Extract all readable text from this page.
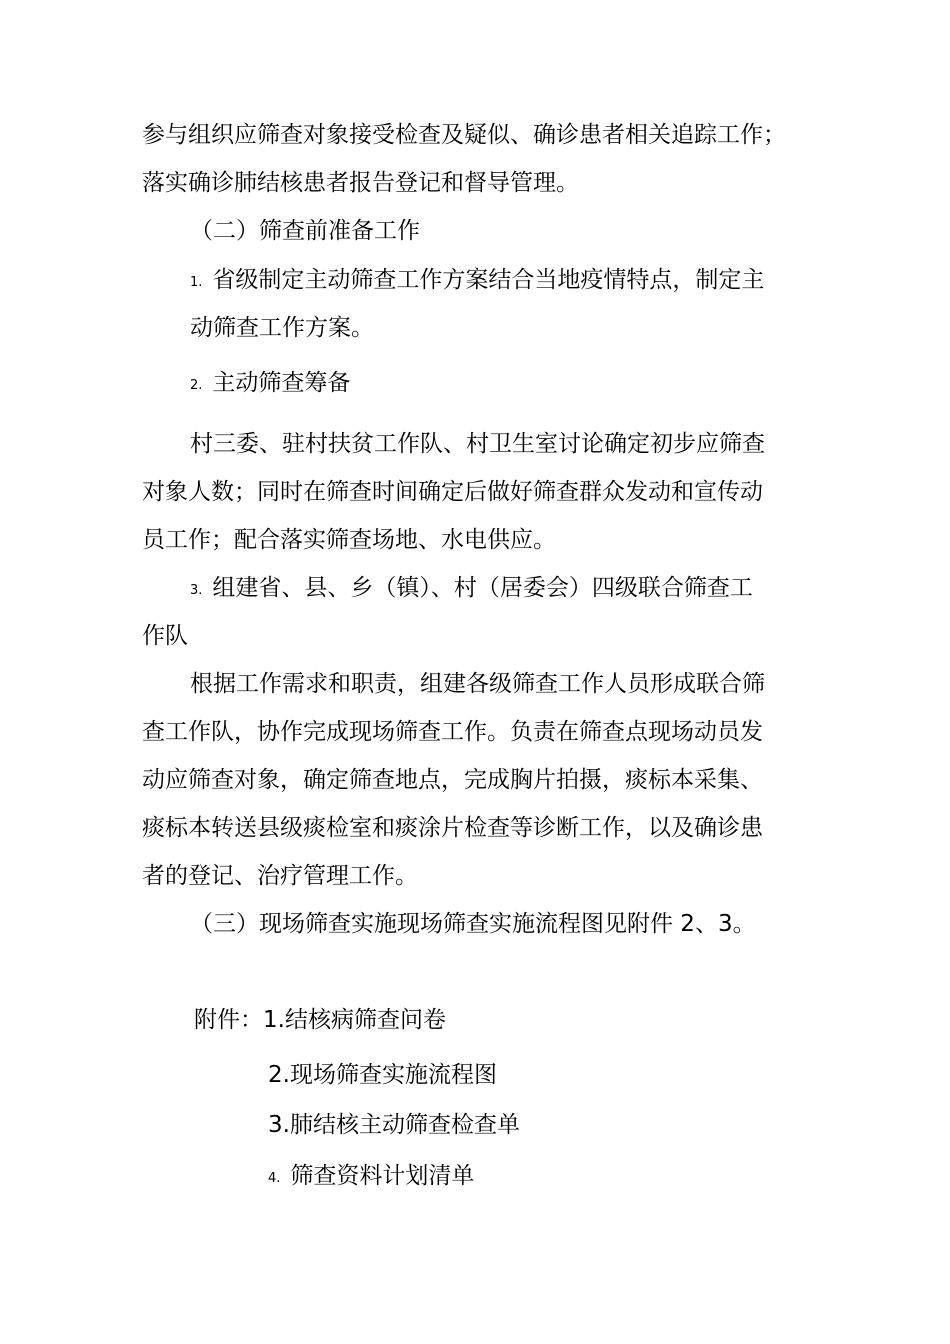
参与组织应筛查对象接受检查及疑似、确诊患者相关追踪工作；
落实确诊肺结核患者报告登记和督导管理。
（二）筛查前准备工作
1. 省级制定主动筛查工作方案结合当地疫情特点，制定主
动筛查工作方案。
2. 主动筛查筹备
村三委、驻村扶贫工作队、村卫生室讨论确定初步应筛查
对象人数；同时在筛查时间确定后做好筛查群众发动和宣传动
员工作；配合落实筛查场地、水电供应。
3. 组建省、县、乡（镇）、村（居委会）四级联合筛查工
作队
根据工作需求和职责，组建各级筛查工作人员形成联合筛
查工作队，协作完成现场筛查工作。负责在筛查点现场动员发
动应筛查对象，确定筛查地点，完成胸片拍摄，痰标本采集、
痰标本转送县级痰检室和痰涂片检查等诊断工作，以及确诊患
者的登记、治疗管理工作。
（三）现场筛查实施现场筛查实施流程图见附件 2、3。
附件：1.结核病筛查问卷
2.现场筛查实施流程图
3.肺结核主动筛查检查单
4. 筛查资料计划清单
